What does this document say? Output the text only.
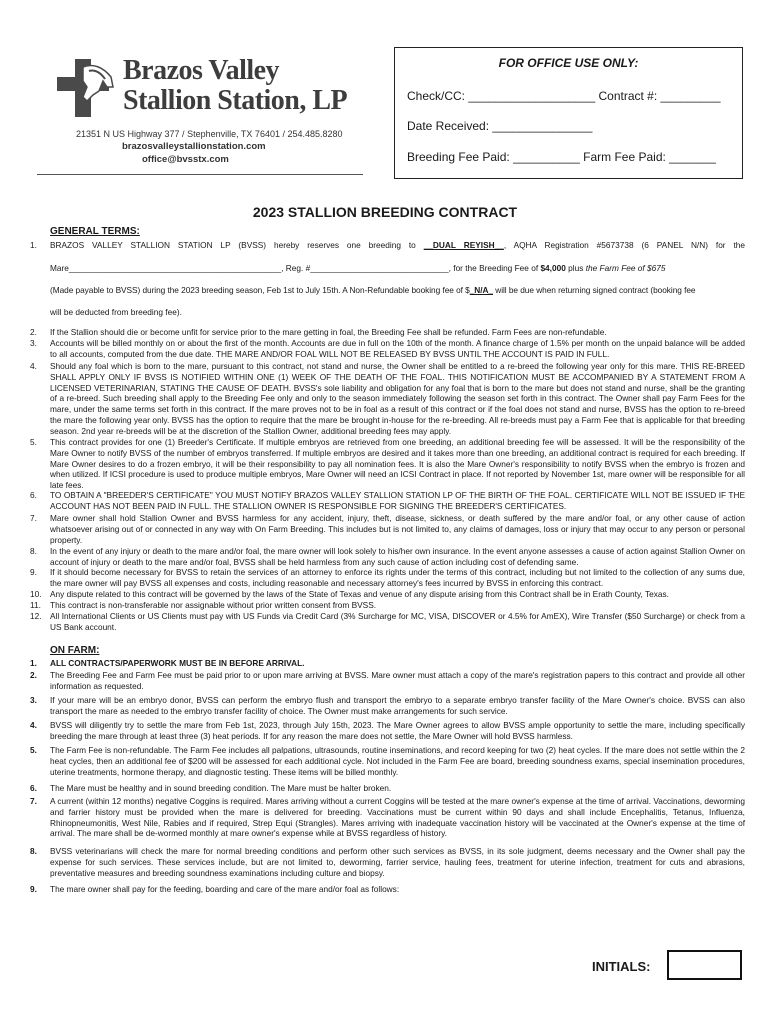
Brazos Valley
Stallion Station, LP
21351 N US Highway 377 / Stephenville, TX 76401 / 254.485.8280
brazosvalleystallionstation.com
office@bvsstx.com
FOR OFFICE USE ONLY:
Check/CC: ___________________ Contract #: _________
Date Received: _______________
Breeding Fee Paid: __________ Farm Fee Paid: _______
2023 STALLION BREEDING CONTRACT
GENERAL TERMS:
1.	BRAZOS VALLEY STALLION STATION LP (BVSS) hereby reserves one breeding to __DUAL REYISH__, AQHA Registration #5673738 (6 PANEL N/N) for the
Mare______________________________________________, Reg. #______________________________, for the Breeding Fee of $4,000 plus the Farm Fee of $675
(Made payable to BVSS) during the 2023 breeding season, Feb 1st to July 15th. A Non-Refundable booking fee of $_N/A_ will be due when returning signed contract (booking fee
will be deducted from breeding fee).
2.	If the Stallion should die or become unfit for service prior to the mare getting in foal, the Breeding Fee shall be refunded. Farm Fees are non-refundable.
3.	Accounts will be billed monthly on or about the first of the month. Accounts are due in full on the 10th of the month. A finance charge of 1.5% per month on the unpaid balance will be added to all accounts, computed from the due date. THE MARE AND/OR FOAL WILL NOT BE RELEASED BY BVSS UNTIL THE ACCOUNT IS PAID IN FULL.
4.	Should any foal which is born to the mare, pursuant to this contract, not stand and nurse, the Owner shall be entitled to a re-breed the following year only for this mare. THIS RE-BREED SHALL APPLY ONLY IF BVSS IS NOTIFIED WITHIN ONE (1) WEEK OF THE DEATH OF THE FOAL. THIS NOTIFICATION MUST BE ACCOMPANIED BY A STATEMENT FROM A LICENSED VETERINARIAN, STATING THE CAUSE OF DEATH. BVSS's sole liability and obligation for any foal that is born to the mare but does not stand and nurse, shall be the granting of a re-breed. Such breeding shall apply to the Breeding Fee only and only to the season immediately following the season set forth in this contract. The Owner shall pay Farm Fees for the mare, under the same terms set forth in this contract. If the mare proves not to be in foal as a result of this contract or if the foal does not stand and nurse, BVSS has the option to re-breed the mare the following year only. BVSS has the option to require that the mare be brought in-house for the re-breeding. All re-breeds must pay a Farm Fee that is applicable for that breeding season. 2nd year re-breeds will be at the discretion of the Stallion Owner, additional breeding fees may apply.
5.	This contract provides for one (1) Breeder's Certificate. If multiple embryos are retrieved from one breeding, an additional breeding fee will be assessed. It will be the responsibility of the Mare Owner to notify BVSS of the number of embryos transferred. If multiple embryos are desired and it takes more than one breeding, an additional contract is required for each breeding. If Mare Owner desires to do a frozen embryo, it will be their responsibility to pay all nomination fees. It is also the Mare Owner's responsibility to notify BVSS when the embryo is frozen and when utilized. If ICSI procedure is used to produce multiple embryos, Mare Owner will need an ICSI Contract in place. If not reported by November 1st, mare owner will be responsible for all late fees.
6.	TO OBTAIN A "BREEDER'S CERTIFICATE" YOU MUST NOTIFY BRAZOS VALLEY STALLION STATION LP OF THE BIRTH OF THE FOAL. CERTIFICATE WILL NOT BE ISSUED IF THE ACCOUNT HAS NOT BEEN PAID IN FULL. THE STALLION OWNER IS RESPONSIBLE FOR SIGNING THE BREEDER'S CERTIFICATES.
7.	Mare owner shall hold Stallion Owner and BVSS harmless for any accident, injury, theft, disease, sickness, or death suffered by the mare and/or foal, or any other cause of action whatsoever arising out of or connected in any way with On Farm Breeding. This includes but is not limited to, any claims of damages, loss or injury that may occur to any person or personal property.
8.	In the event of any injury or death to the mare and/or foal, the mare owner will look solely to his/her own insurance. In the event anyone assesses a cause of action against Stallion Owner on account of injury or death to the mare and/or foal, BVSS shall be held harmless from any such cause of action including cost of defending same.
9.	If it should become necessary for BVSS to retain the services of an attorney to enforce its rights under the terms of this contract, including but not limited to the collection of any sums due, the mare owner will pay BVSS all expenses and costs, including reasonable and necessary attorney's fees incurred by BVSS in enforcing this contract.
10. Any dispute related to this contract will be governed by the laws of the State of Texas and venue of any dispute arising from this Contract shall be in Erath County, Texas.
11.	This contract is non-transferable nor assignable without prior written consent from BVSS.
12. All International Clients or US Clients must pay with US Funds via Credit Card (3% Surcharge for MC, VISA, DISCOVER or 4.5% for AmEX), Wire Transfer ($50 Surcharge) or check from a US Bank account.
ON FARM:
1.	ALL CONTRACTS/PAPERWORK MUST BE IN BEFORE ARRIVAL.
2.	The Breeding Fee and Farm Fee must be paid prior to or upon mare arriving at BVSS. Mare owner must attach a copy of the mare's registration papers to this contract and provide all other information as requested.
3.	If your mare will be an embryo donor, BVSS can perform the embryo flush and transport the embryo to a separate embryo transfer facility of the Mare Owner's choice. BVSS can also transport the mare as needed to the embryo transfer facility of choice. The Owner must make arrangements for such service.
4.	BVSS will diligently try to settle the mare from Feb 1st, 2023, through July 15th, 2023. The Mare Owner agrees to allow BVSS ample opportunity to settle the mare, including specifically breeding the mare through at least three (3) heat periods. If for any reason the mare does not settle, the Mare Owner will hold BVSS harmless.
5.	The Farm Fee is non-refundable. The Farm Fee includes all palpations, ultrasounds, routine inseminations, and record keeping for two (2) heat cycles. If the mare does not settle within the 2 heat cycles, then an additional fee of $200 will be assessed for each additional cycle. Not included in the Farm Fee are board, breeding soundness exams, special insemination procedures, uterine treatments, hormone therapy, and diagnostic testing. These items will be billed monthly.
6.	The Mare must be healthy and in sound breeding condition. The Mare must be halter broken.
7.	A current (within 12 months) negative Coggins is required. Mares arriving without a current Coggins will be tested at the mare owner's expense at the time of arrival. Vaccinations, deworming and farrier history must be provided when the mare is delivered for breeding. Vaccinations must be current within 90 days and shall include Encephalitis, Tetanus, Influenza, Rhinopneumonitis, West Nile, Rabies and if required, Strep Equi (Strangles). Mares arriving with inadequate vaccination history will be vaccinated at the Owner's expense at the time of arrival. The mare shall be de-wormed monthly at mare owner's expense while at BVSS regardless of history.
8.	BVSS veterinarians will check the mare for normal breeding conditions and perform other such services as BVSS, in its sole judgment, deems necessary and the Owner shall pay the expense for such services. These services include, but are not limited to, deworming, farrier service, hauling fees, treatment for uterine infection, treatment for cuts and abrasions, preventative measures and breeding soundness examinations including culture and biopsy.
9.	The mare owner shall pay for the feeding, boarding and care of the mare and/or foal as follows:
INITIALS:
